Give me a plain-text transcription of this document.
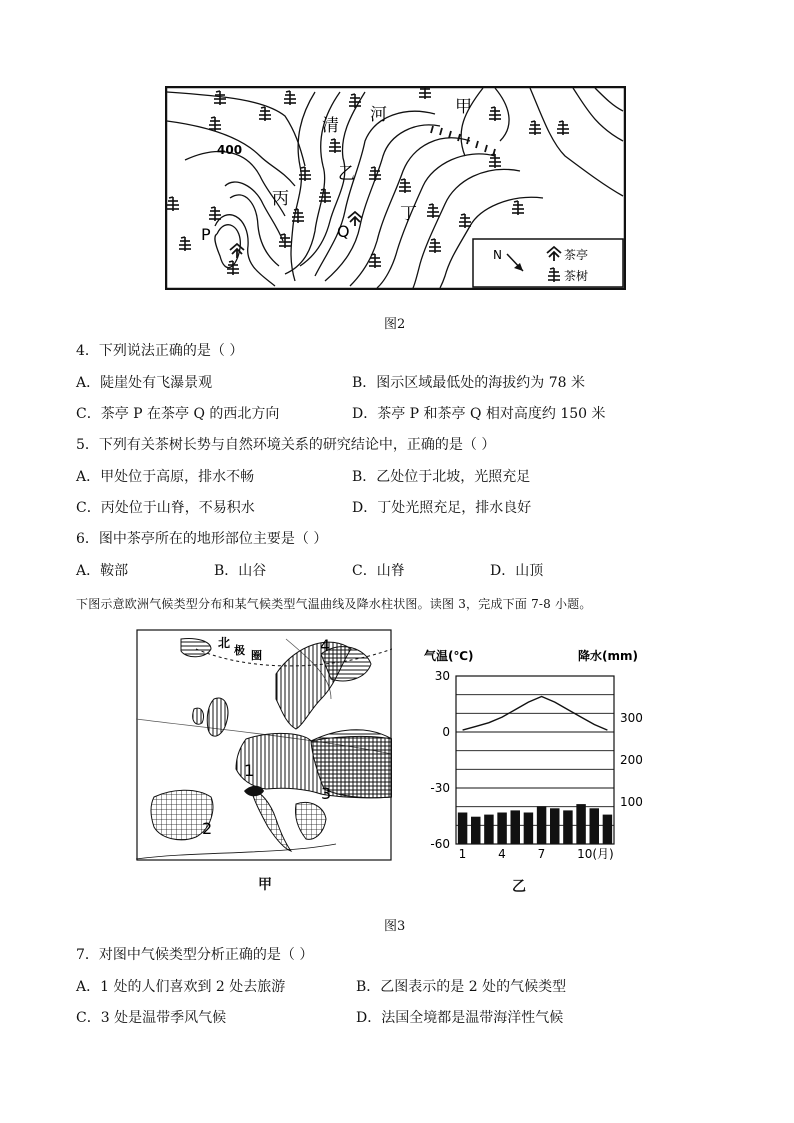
P	Q
甲
乙
丙
丁
清
河
400
N	茶亭
茶树
图2
4．下列说法正确的是（ ）
A．陡崖处有飞瀑景观	B．图示区域最低处的海拔约为 78 米
C．茶亭 P 在茶亭 Q 的西北方向	D．茶亭 P 和茶亭 Q 相对高度约 150 米
5．下列有关茶树长势与自然环境关系的研究结论中，正确的是（ ）
A．甲处位于高原，排水不畅	B．乙处位于北坡，光照充足
C．丙处位于山脊，不易积水	D．丁处光照充足，排水良好
6．图中茶亭所在的地形部位主要是（ ）
A．鞍部	B．山谷	C．山脊	D．山顶
下图示意欧洲气候类型分布和某气候类型气温曲线及降水柱状图。读图 3，完成下面 7-8 小题。
北
极 圈
4
1
2
3
甲
30
0
-30
-60
300
200
100
1	4	7	10(月)
气温(℃)	降水(mm)
乙
图3
7．对图中气候类型分析正确的是（ ）
A．1 处的人们喜欢到 2 处去旅游	B．乙图表示的是 2 处的气候类型
C．3 处是温带季风气候	D．法国全境都是温带海洋性气候
